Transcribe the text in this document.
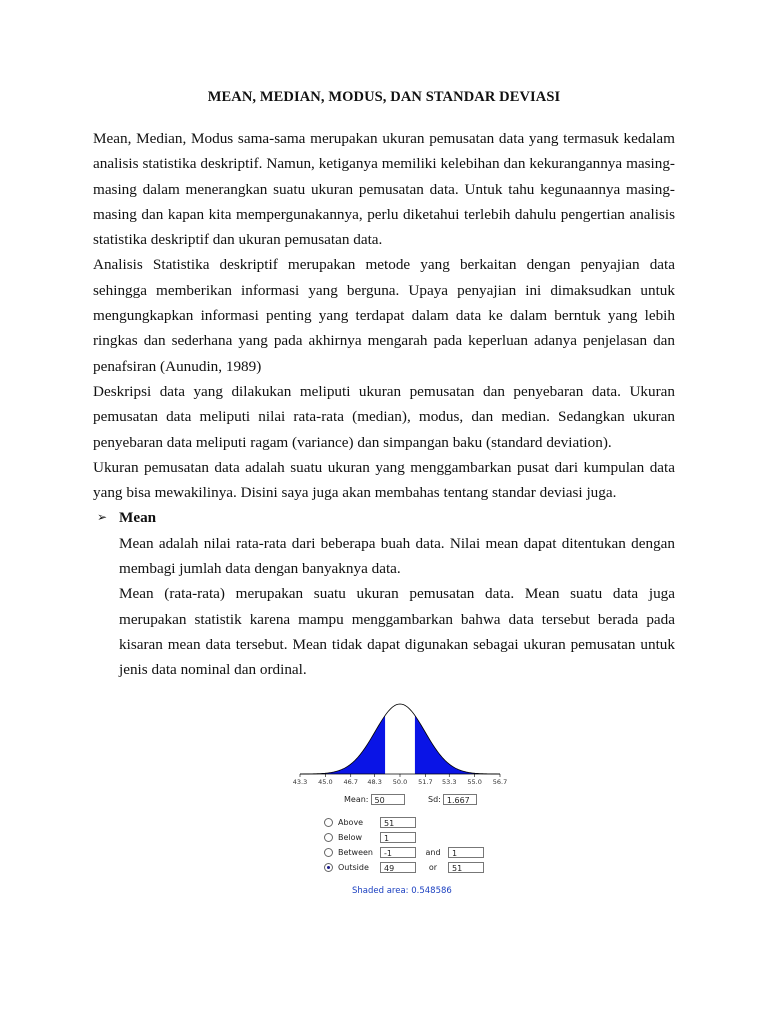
MEAN, MEDIAN, MODUS, DAN STANDAR DEVIASI

Mean, Median, Modus sama-sama merupakan ukuran pemusatan data yang termasuk kedalam analisis statistika deskriptif. Namun, ketiganya memiliki kelebihan dan kekurangannya masing-masing dalam menerangkan suatu ukuran pemusatan data. Untuk tahu kegunaannya masing-masing dan kapan kita mempergunakannya, perlu diketahui terlebih dahulu pengertian analisis statistika deskriptif dan ukuran pemusatan data.

Analisis Statistika deskriptif merupakan metode yang berkaitan dengan penyajian data sehingga memberikan informasi yang berguna. Upaya penyajian ini dimaksudkan untuk mengungkapkan informasi penting yang terdapat dalam data ke dalam berntuk yang lebih ringkas dan sederhana yang pada akhirnya mengarah pada keperluan adanya penjelasan dan penafsiran (Aunudin, 1989)

Deskripsi data yang dilakukan meliputi ukuran pemusatan dan penyebaran data. Ukuran pemusatan data meliputi nilai rata-rata (median), modus, dan median. Sedangkan ukuran penyebaran data meliputi ragam (variance) dan simpangan baku (standard deviation).

Ukuran pemusatan data adalah suatu ukuran yang menggambarkan pusat dari kumpulan data yang bisa mewakilinya. Disini saya juga akan membahas tentang standar deviasi juga.

➢ Mean

Mean adalah nilai rata-rata dari beberapa buah data. Nilai mean dapat ditentukan dengan membagi jumlah data dengan banyaknya data.

Mean (rata-rata) merupakan suatu ukuran pemusatan data. Mean suatu data juga merupakan statistik karena mampu menggambarkan bahwa data tersebut berada pada kisaran mean data tersebut. Mean tidak dapat digunakan sebagai ukuran pemusatan untuk jenis data nominal dan ordinal.

43.3 45.0 46.7 48.3 50.0 51.7 53.3 55.0 56.7
Mean: 50	Sd: 1.667
Above	51
Below	1
Between	-1	and	1
Outside	49	or	51
Shaded area: 0.548586
